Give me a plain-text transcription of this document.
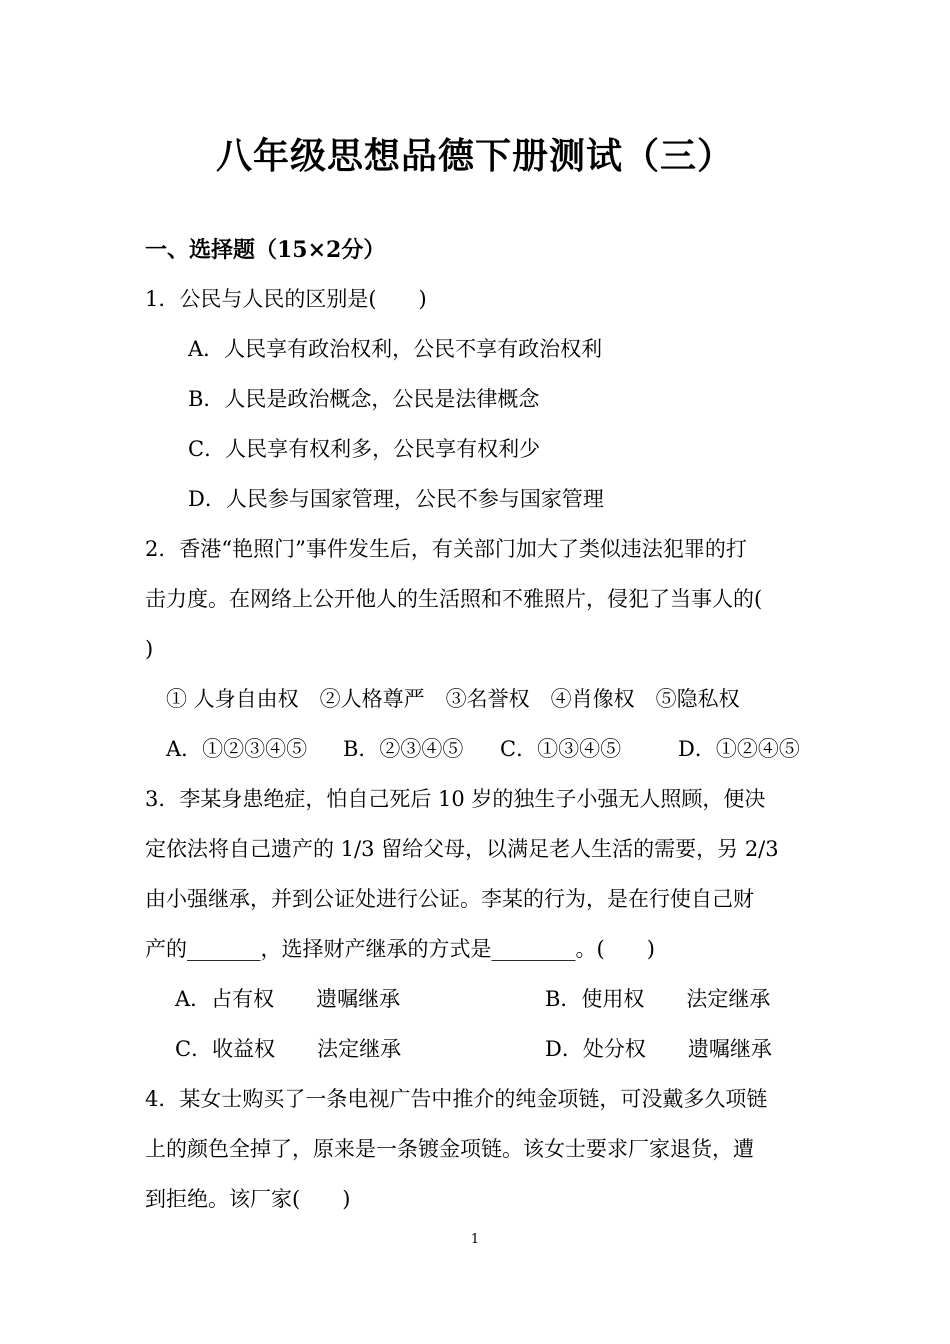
八年级思想品德下册测试（三）
一、选择题（15×2分）
1．公民与人民的区别是(　　)
A．人民享有政治权利，公民不享有政治权利
B．人民是政治概念，公民是法律概念
C．人民享有权利多，公民享有权利少
D．人民参与国家管理，公民不参与国家管理
2．香港“艳照门”事件发生后，有关部门加大了类似违法犯罪的打
击力度。在网络上公开他人的生活照和不雅照片，侵犯了当事人的(
)
① 人身自由权　②人格尊严　③名誉权　④肖像权　⑤隐私权
A．①②③④⑤ B．②③④⑤ C．①③④⑤	D．①②④⑤
3．李某身患绝症，怕自己死后 10 岁的独生子小强无人照顾，便决
定依法将自己遗产的 1/3 留给父母，以满足老人生活的需要，另 2/3
由小强继承，并到公证处进行公证。李某的行为，是在行使自己财
产的_______，选择财产继承的方式是________。(　　)
A．占有权　　遗嘱继承	B．使用权　　法定继承
C．收益权　　法定继承	D．处分权　　遗嘱继承
4．某女士购买了一条电视广告中推介的纯金项链，可没戴多久项链
上的颜色全掉了，原来是一条镀金项链。该女士要求厂家退货，遭
到拒绝。该厂家(　　)
1
